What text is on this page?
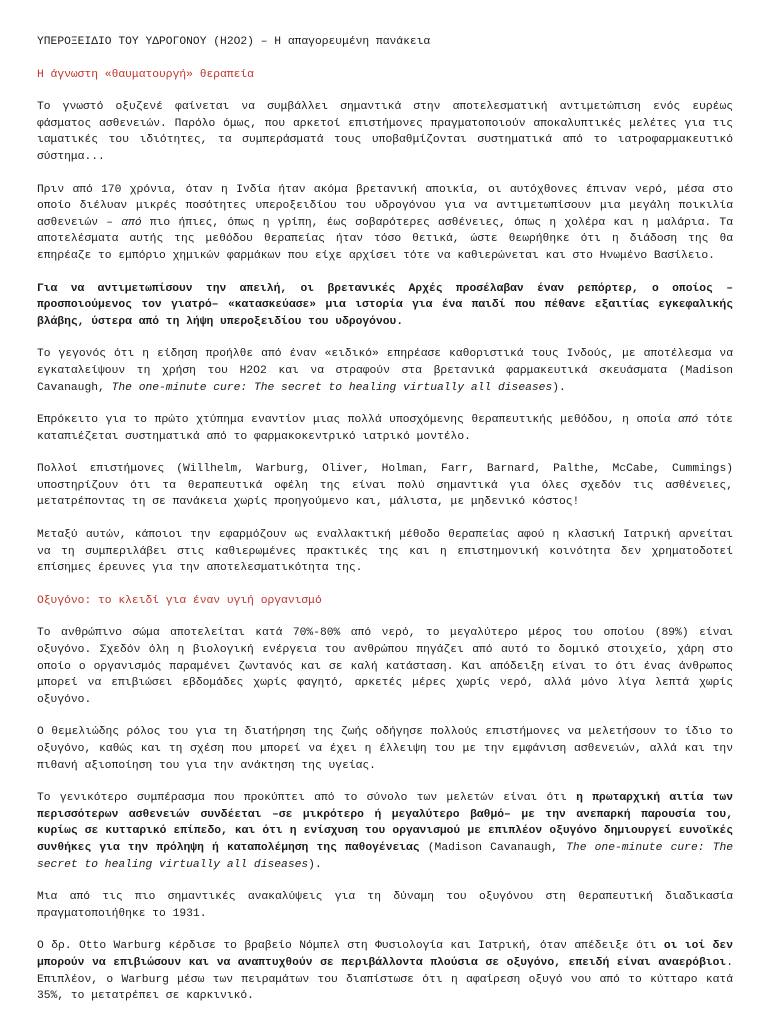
ΥΠΕΡΟΞΕΙΔΙΟ ΤΟΥ ΥΔΡΟΓΟΝΟΥ (Η2Ο2) – Η απαγορευμένη πανάκεια
Η άγνωστη «θαυματουργή» θεραπεία

Το γνωστό οξυζενέ φαίνεται να συμβάλλει σημαντικά στην αποτελεσματική αντιμετώπιση ενός ευρέως φάσματος ασθενειών. Παρόλο όμως, που αρκετοί επιστήμονες πραγματοποιούν αποκαλυπτικές μελέτες για τις ιαματικές του ιδιότητες, τα συμπεράσματά τους υποβαθμίζονται συστηματικά από το ιατροφαρμακευτικό σύστημα...

Πριν από 170 χρόνια, όταν η Ινδία ήταν ακόμα βρετανική αποικία, οι αυτόχθονες έπιναν νερό, μέσα στο οποίο διέλυαν μικρές ποσότητες υπεροξειδίου του υδρογόνου για να αντιμετωπίσουν μια μεγάλη ποικιλία ασθενειών – από πιο ήπιες, όπως η γρίπη, έως σοβαρότερες ασθένειες, όπως η χολέρα και η μαλάρια. Τα αποτελέσματα αυτής της μεθόδου θεραπείας ήταν τόσο θετικά, ώστε θεωρήθηκε ότι η διάδοση της θα επηρέαζε το εμπόριο χημικών φαρμάκων που είχε αρχίσει τότε να καθιερώνεται και στο Ηνωμένο Βασίλειο.

Για να αντιμετωπίσουν την απειλή, οι βρετανικές Αρχές προσέλαβαν έναν ρεπόρτερ, ο οποίος – προσποιούμενος τον γιατρό– «κατασκεύασε» μια ιστορία για ένα παιδί που πέθανε εξαιτίας εγκεφαλικής βλάβης, ύστερα από τη λήψη υπεροξειδίου του υδρογόνου.

Το γεγονός ότι η είδηση προήλθε από έναν «ειδικό» επηρέασε καθοριστικά τους Ινδούς, με αποτέλεσμα να εγκαταλείψουν τη χρήση του Η2Ο2 και να στραφούν στα βρετανικά φαρμακευτικά σκευάσματα (Madison Cavanaugh, The one-minute cure: The secret to healing virtually all diseases).

Επρόκειτο για το πρώτο χτύπημα εναντίον μιας πολλά υποσχόμενης θεραπευτικής μεθόδου, η οποία από τότε καταπιέζεται συστηματικά από το φαρμακοκεντρικό ιατρικό μοντέλο.

Πολλοί επιστήμονες (Willhelm, Warburg, Oliver, Holman, Farr, Barnard, Palthe, McCabe, Cummings) υποστηρίζουν ότι τα θεραπευτικά οφέλη της είναι πολύ σημαντικά για όλες σχεδόν τις ασθένειες, μετατρέποντας τη σε πανάκεια χωρίς προηγούμενο και, μάλιστα, με μηδενικό κόστος!

Μεταξύ αυτών, κάποιοι την εφαρμόζουν ως εναλλακτική μέθοδο θεραπείας αφού η κλασική Ιατρική αρνείται να τη συμπεριλάβει στις καθιερωμένες πρακτικές της και η επιστημονική κοινότητα δεν χρηματοδοτεί επίσημες έρευνες για την αποτελεσματικότητα της.

Οξυγόνο: το κλειδί για έναν υγιή οργανισμό

Το ανθρώπινο σώμα αποτελείται κατά 70%-80% από νερό, το μεγαλύτερο μέρος του οποίου (89%) είναι οξυγόνο. Σχεδόν όλη η βιολογική ενέργεια του ανθρώπου πηγάζει από αυτό το δομικό στοιχείο, χάρη στο οποίο ο οργανισμός παραμένει ζωντανός και σε καλή κατάσταση. Και απόδειξη είναι το ότι ένας άνθρωπος μπορεί να επιβιώσει εβδομάδες χωρίς φαγητό, αρκετές μέρες χωρίς νερό, αλλά μόνο λίγα λεπτά χωρίς οξυγόνο.

Ο θεμελιώδης ρόλος του για τη διατήρηση της ζωής οδήγησε πολλούς επιστήμονες να μελετήσουν το ίδιο το οξυγόνο, καθώς και τη σχέση που μπορεί να έχει η έλλειψη του με την εμφάνιση ασθενειών, αλλά και την πιθανή αξιοποίηση του για την ανάκτηση της υγείας.

Το γενικότερο συμπέρασμα που προκύπτει από το σύνολο των μελετών είναι ότι η πρωταρχική αιτία των περισσότερων ασθενειών συνδέεται –σε μικρότερο ή μεγαλύτερο βαθμό– με την ανεπαρκή παρουσία του, κυρίως σε κυτταρικό επίπεδο, και ότι η ενίσχυση του οργανισμού με επιπλέον οξυγόνο δημιουργεί ευνοϊκές συνθήκες για την πρόληψη ή καταπολέμηση της παθογένειας (Madison Cavanaugh, The one-minute cure: The secret to healing virtually all diseases).

Μια από τις πιο σημαντικές ανακαλύψεις για τη δύναμη του οξυγόνου στη θεραπευτική διαδικασία πραγματοποιήθηκε το 1931.

Ο δρ. Otto Warburg κέρδισε το βραβείο Νόμπελ στη Φυσιολογία και Ιατρική, όταν απέδειξε ότι οι ιοί δεν μπορούν να επιβιώσουν και να αναπτυχθούν σε περιβάλλοντα πλούσια σε οξυγόνο, επειδή είναι αναερόβιοι. Επιπλέον, ο Warburg μέσω των πειραμάτων του διαπίστωσε ότι η αφαίρεση οξυγό νου από το κύτταρο κατά 35%, το μετατρέπει σε καρκινικό.
